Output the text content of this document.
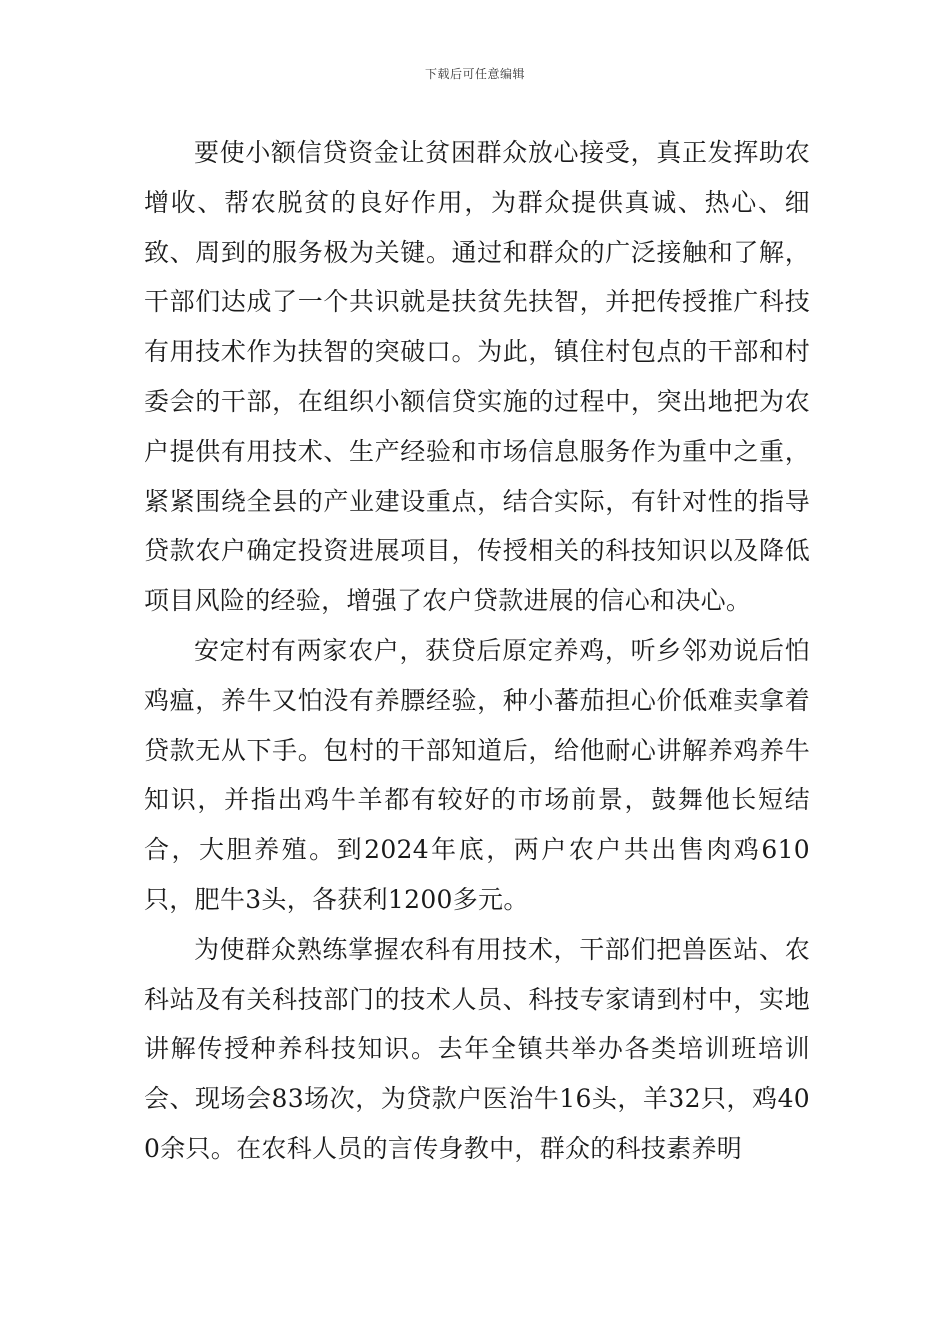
下载后可任意编辑

要使小额信贷资金让贫困群众放心接受，真正发挥助农增收、帮农脱贫的良好作用，为群众提供真诚、热心、细致、周到的服务极为关键。通过和群众的广泛接触和了解，干部们达成了一个共识就是扶贫先扶智，并把传授推广科技有用技术作为扶智的突破口。为此，镇住村包点的干部和村委会的干部，在组织小额信贷实施的过程中，突出地把为农户提供有用技术、生产经验和市场信息服务作为重中之重，紧紧围绕全县的产业建设重点，结合实际，有针对性的指导贷款农户确定投资进展项目，传授相关的科技知识以及降低项目风险的经验，增强了农户贷款进展的信心和决心。

安定村有两家农户，获贷后原定养鸡，听乡邻劝说后怕鸡瘟，养牛又怕没有养膘经验，种小蕃茄担心价低难卖拿着贷款无从下手。包村的干部知道后，给他耐心讲解养鸡养牛知识，并指出鸡牛羊都有较好的市场前景，鼓舞他长短结合，大胆养殖。到2024年底，两户农户共出售肉鸡610只，肥牛3头，各获利1200多元。

为使群众熟练掌握农科有用技术，干部们把兽医站、农科站及有关科技部门的技术人员、科技专家请到村中，实地讲解传授种养科技知识。去年全镇共举办各类培训班培训会、现场会83场次，为贷款户医治牛16头，羊32只，鸡400余只。在农科人员的言传身教中，群众的科技素养明
